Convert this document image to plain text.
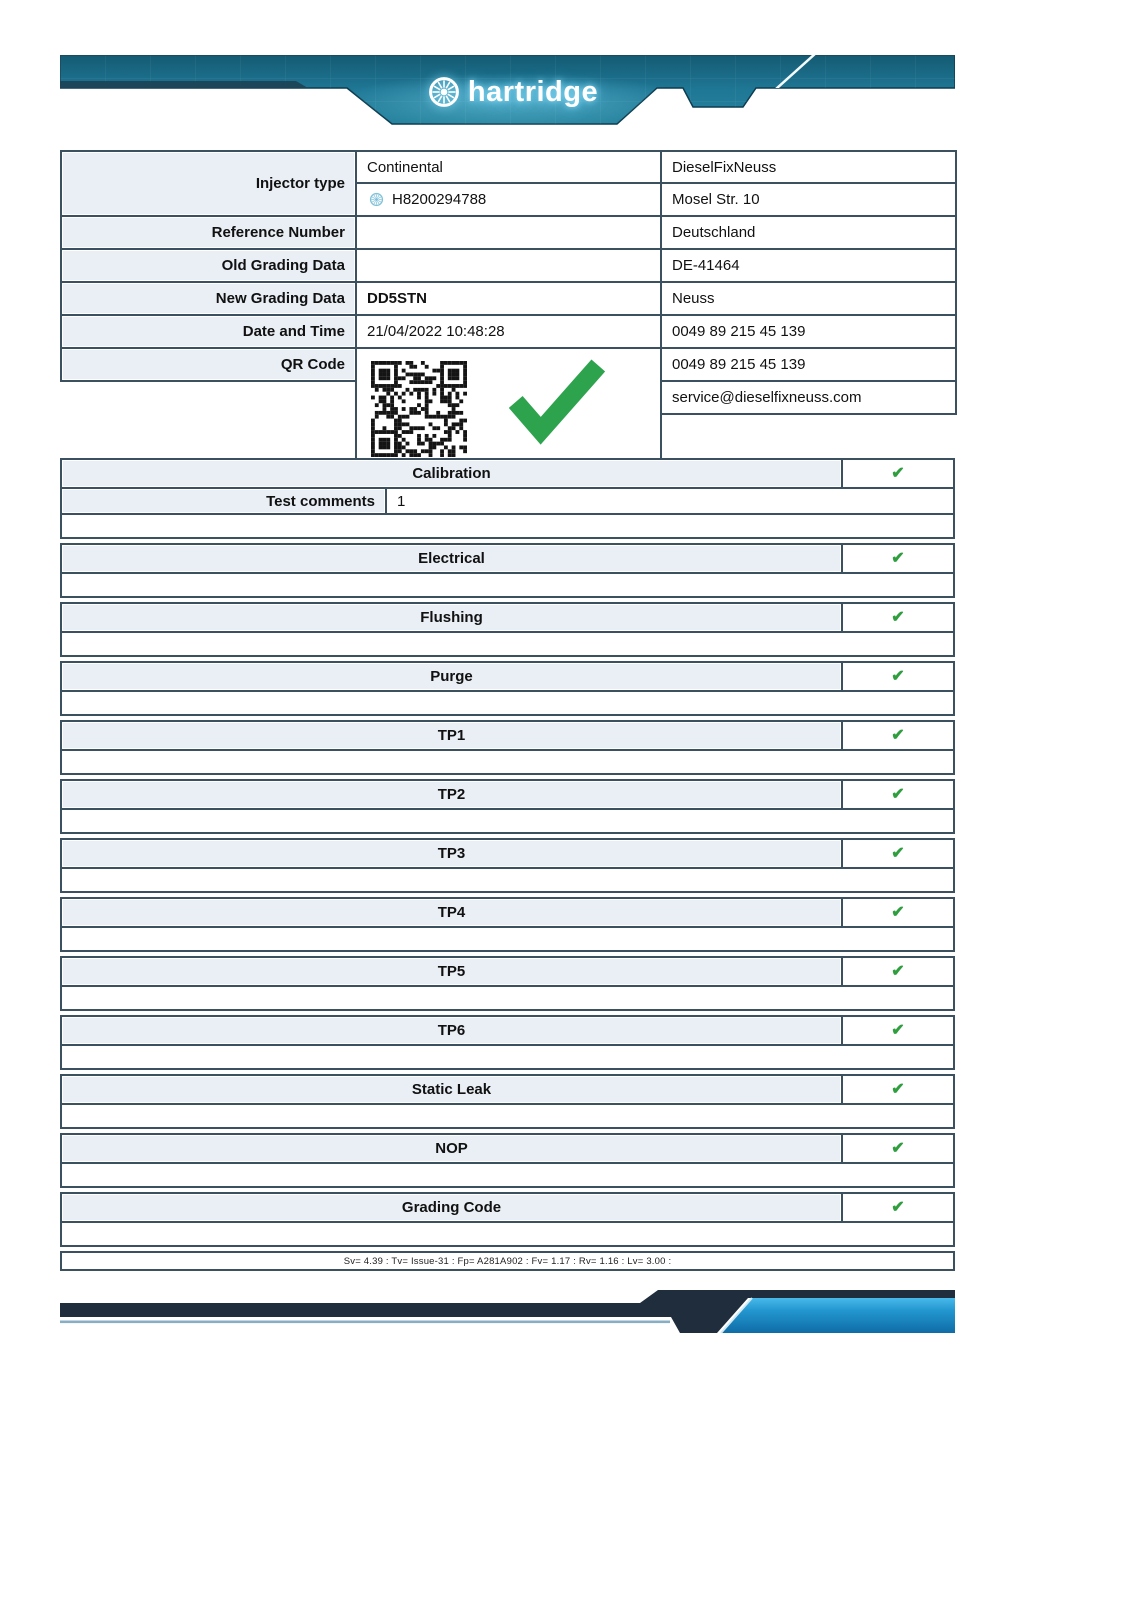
hartridge
Injector type	Continental	DieselFixNeuss
	H8200294788	Mosel Str. 10
Reference Number		Deutschland
Old Grading Data		DE-41464
New Grading Data	DD5STN	Neuss
Date and Time	21/04/2022 10:48:28	0049 89 215 45 139
QR Code		0049 89 215 45 139
		service@dieselfixneuss.com

Calibration	✔
Test comments	1
Electrical	✔
Flushing	✔
Purge	✔
TP1	✔
TP2	✔
TP3	✔
TP4	✔
TP5	✔
TP6	✔
Static Leak	✔
NOP	✔
Grading Code	✔
Sv= 4.39 : Tv= Issue-31 : Fp= A281A902 : Fv= 1.17 : Rv= 1.16 : Lv= 3.00 :
